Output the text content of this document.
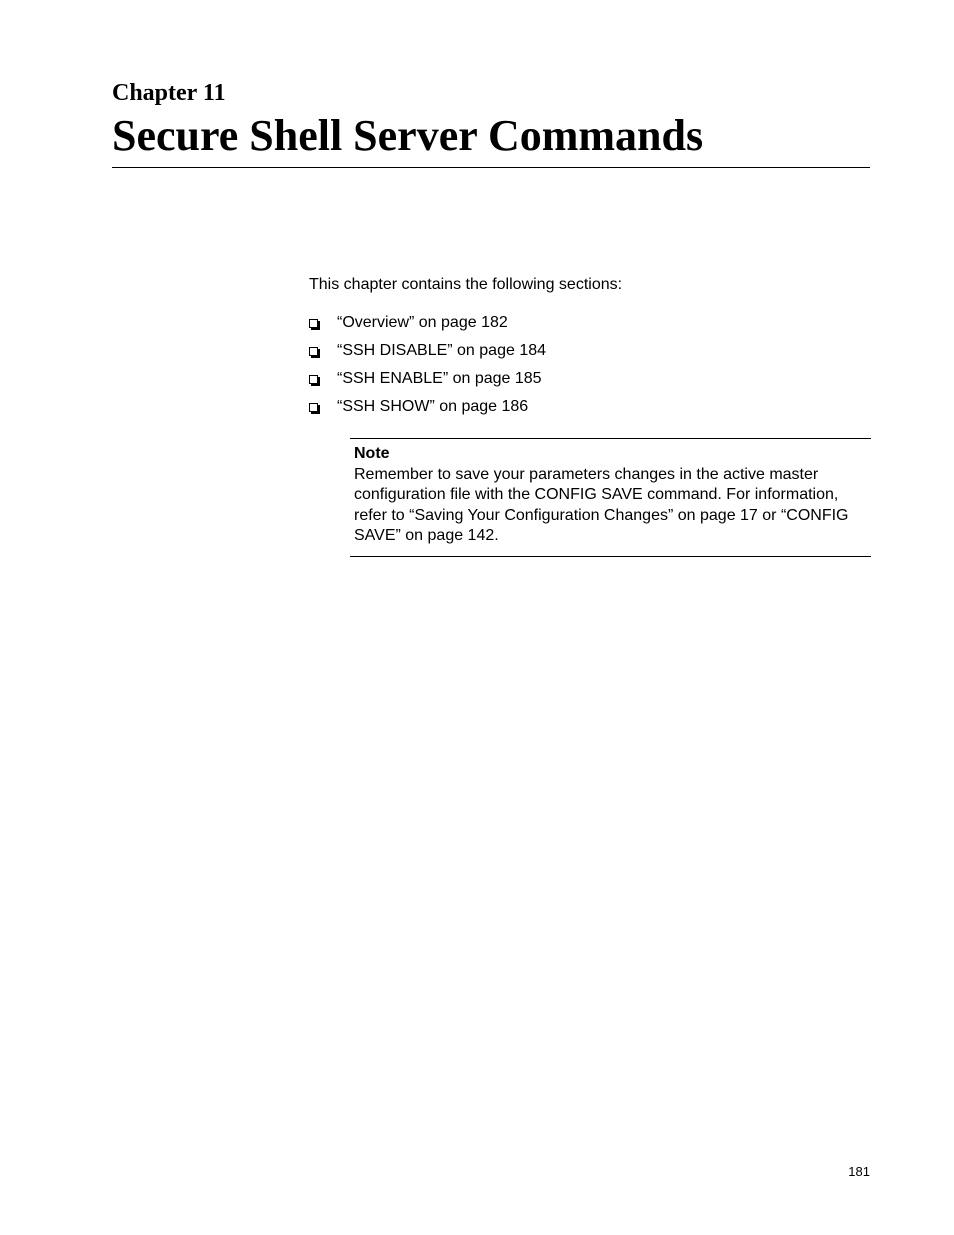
Chapter 11
Secure Shell Server Commands

This chapter contains the following sections:

“Overview” on page 182
“SSH DISABLE” on page 184
“SSH ENABLE” on page 185
“SSH SHOW” on page 186

Note

Remember to save your parameters changes in the active master configuration file with the CONFIG SAVE command. For information, refer to “Saving Your Configuration Changes” on page 17 or “CONFIG SAVE” on page 142.

181
